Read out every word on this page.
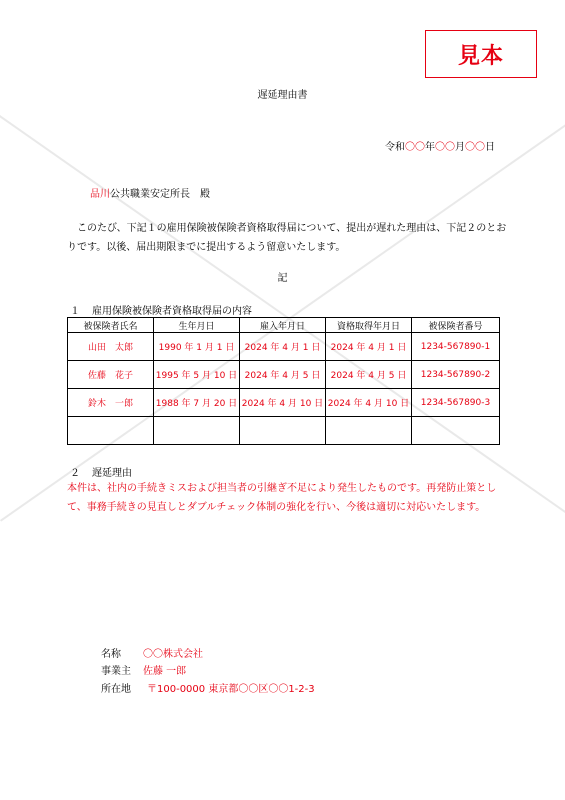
見本
遅延理由書
令和〇〇年〇〇月〇〇日
品川公共職業安定所長　殿
　このたび、下記１の雇用保険被保険者資格取得届について、提出が遅れた理由は、下記２のとおりです。以後、届出期限までに提出するよう留意いたします。
記
１ 雇用保険被保険者資格取得届の内容
被保険者氏名	生年月日	雇入年月日	資格取得年月日	被保険者番号
山田　太郎	1990 年 1 月 1 日	2024 年 4 月 1 日	2024 年 4 月 1 日	1234-567890-1
佐藤　花子	1995 年 5 月 10 日	2024 年 4 月 5 日	2024 年 4 月 5 日	1234-567890-2
鈴木　一郎	1988 年 7 月 20 日	2024 年 4 月 10 日	2024 年 4 月 10 日	1234-567890-3

２ 遅延理由
本件は、社内の手続きミスおよび担当者の引継ぎ不足により発生したものです。再発防止策として、事務手続きの見直しとダブルチェック体制の強化を行い、今後は適切に対応いたします。
名称 〇〇株式会社
事業主 佐藤 一郎
所在地 〒100-0000 東京都〇〇区〇〇1-2-3
